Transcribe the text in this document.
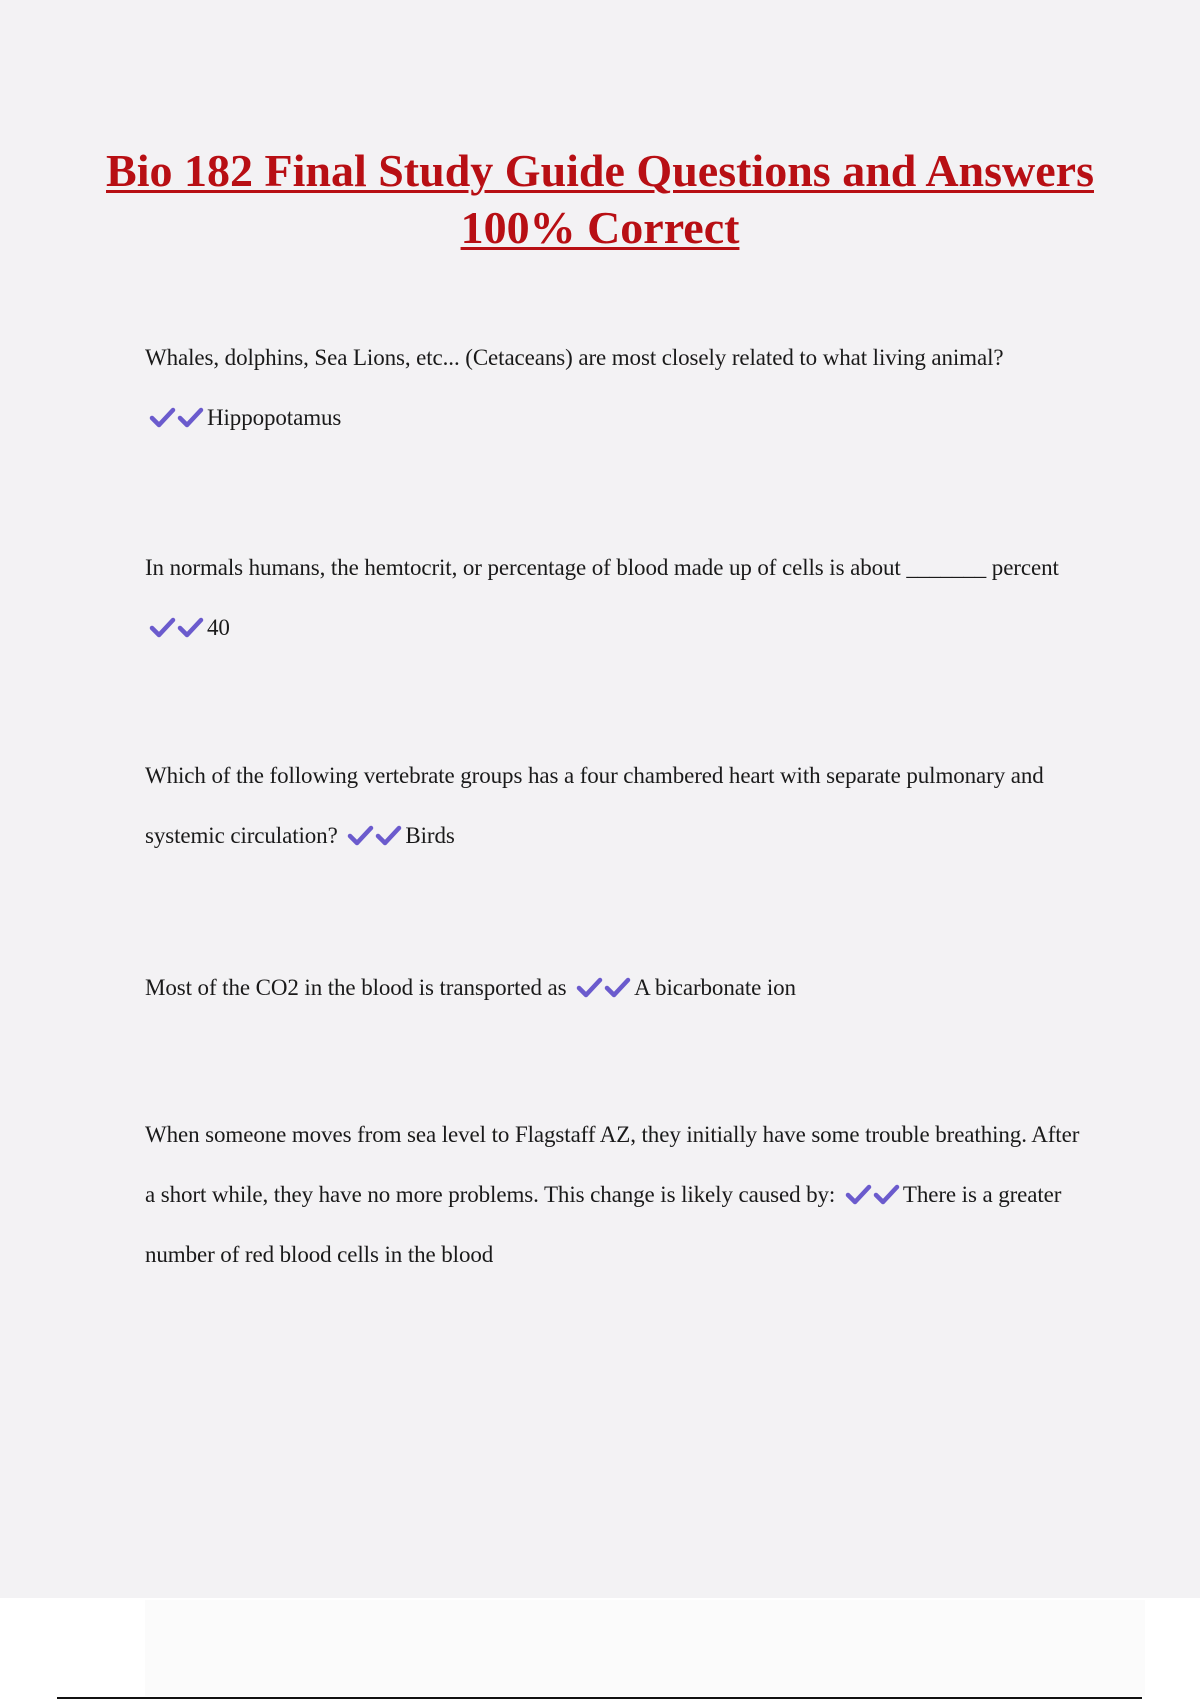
Bio 182 Final Study Guide Questions and Answers 100% Correct
Whales, dolphins, Sea Lions, etc... (Cetaceans) are most closely related to what living animal?
Hippopotamus
In normals humans, the hemtocrit, or percentage of blood made up of cells is about _______ percent
40
Which of the following vertebrate groups has a four chambered heart with separate pulmonary and systemic circulation?	Birds
Most of the CO2 in the blood is transported as	A bicarbonate ion
When someone moves from sea level to Flagstaff AZ, they initially have some trouble breathing. After a short while, they have no more problems. This change is likely caused by:	There is a greater number of red blood cells in the blood
